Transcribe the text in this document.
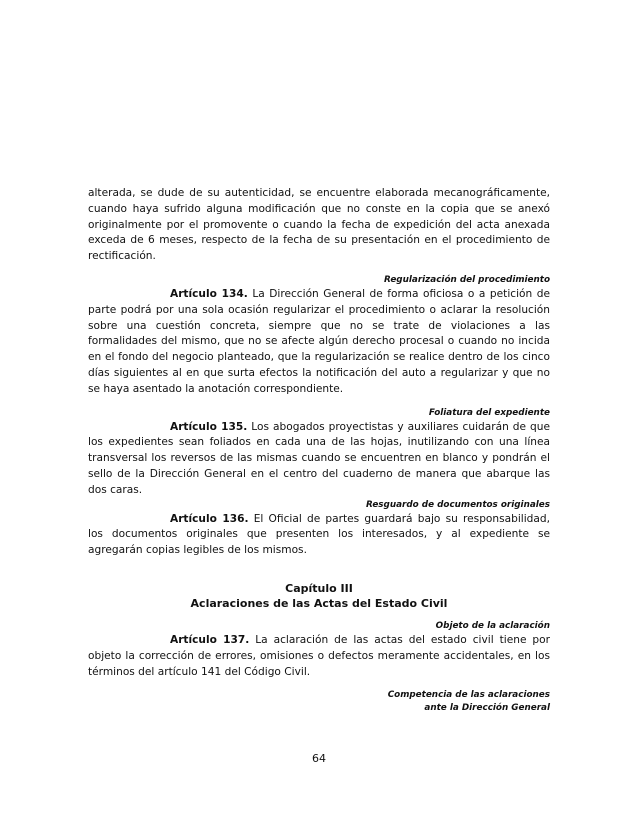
alterada, se dude de su autenticidad, se encuentre elaborada mecanográficamente, cuando haya sufrido alguna modificación que no conste en la copia que se anexó originalmente por el promovente o cuando la fecha de expedición del acta anexada exceda de 6 meses, respecto de la fecha de su presentación en el procedimiento de rectificación.

Regularización del procedimiento

Artículo 134. La Dirección General de forma oficiosa o a petición de parte podrá por una sola ocasión regularizar el procedimiento o aclarar la resolución sobre una cuestión concreta, siempre que no se trate de violaciones a las formalidades del mismo, que no se afecte algún derecho procesal o cuando no incida en el fondo del negocio planteado, que la regularización se realice dentro de los cinco días siguientes al en que surta efectos la notificación del auto a regularizar y que no se haya asentado la anotación correspondiente.

Foliatura del expediente

Artículo 135. Los abogados proyectistas y auxiliares cuidarán de que los expedientes sean foliados en cada una de las hojas, inutilizando con una línea transversal los reversos de las mismas cuando se encuentren en blanco y pondrán el sello de la Dirección General en el centro del cuaderno de manera que abarque las dos caras.

Resguardo de documentos originales

Artículo 136. El Oficial de partes guardará bajo su responsabilidad, los documentos originales que presenten los interesados, y al expediente se agregarán copias legibles de los mismos.

Capítulo III
Aclaraciones de las Actas del Estado Civil
Objeto de la aclaración

Artículo 137. La aclaración de las actas del estado civil tiene por objeto la corrección de errores, omisiones o defectos meramente accidentales, en los términos del artículo 141 del Código Civil.

Competencia de las aclaraciones
ante la Dirección General
64
